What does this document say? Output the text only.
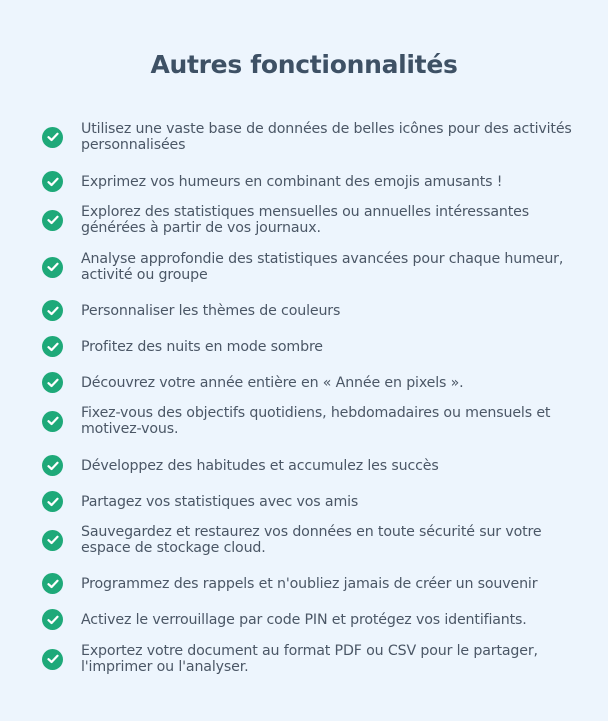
Autres fonctionnalités
Utilisez une vaste base de données de belles icônes pour des activités personnalisées
Exprimez vos humeurs en combinant des emojis amusants !
Explorez des statistiques mensuelles ou annuelles intéressantes générées à partir de vos journaux.
Analyse approfondie des statistiques avancées pour chaque humeur, activité ou groupe
Personnaliser les thèmes de couleurs
Profitez des nuits en mode sombre
Découvrez votre année entière en « Année en pixels ».
Fixez-vous des objectifs quotidiens, hebdomadaires ou mensuels et motivez-vous.
Développez des habitudes et accumulez les succès
Partagez vos statistiques avec vos amis
Sauvegardez et restaurez vos données en toute sécurité sur votre espace de stockage cloud.
Programmez des rappels et n'oubliez jamais de créer un souvenir
Activez le verrouillage par code PIN et protégez vos identifiants.
Exportez votre document au format PDF ou CSV pour le partager, l'imprimer ou l'analyser.
